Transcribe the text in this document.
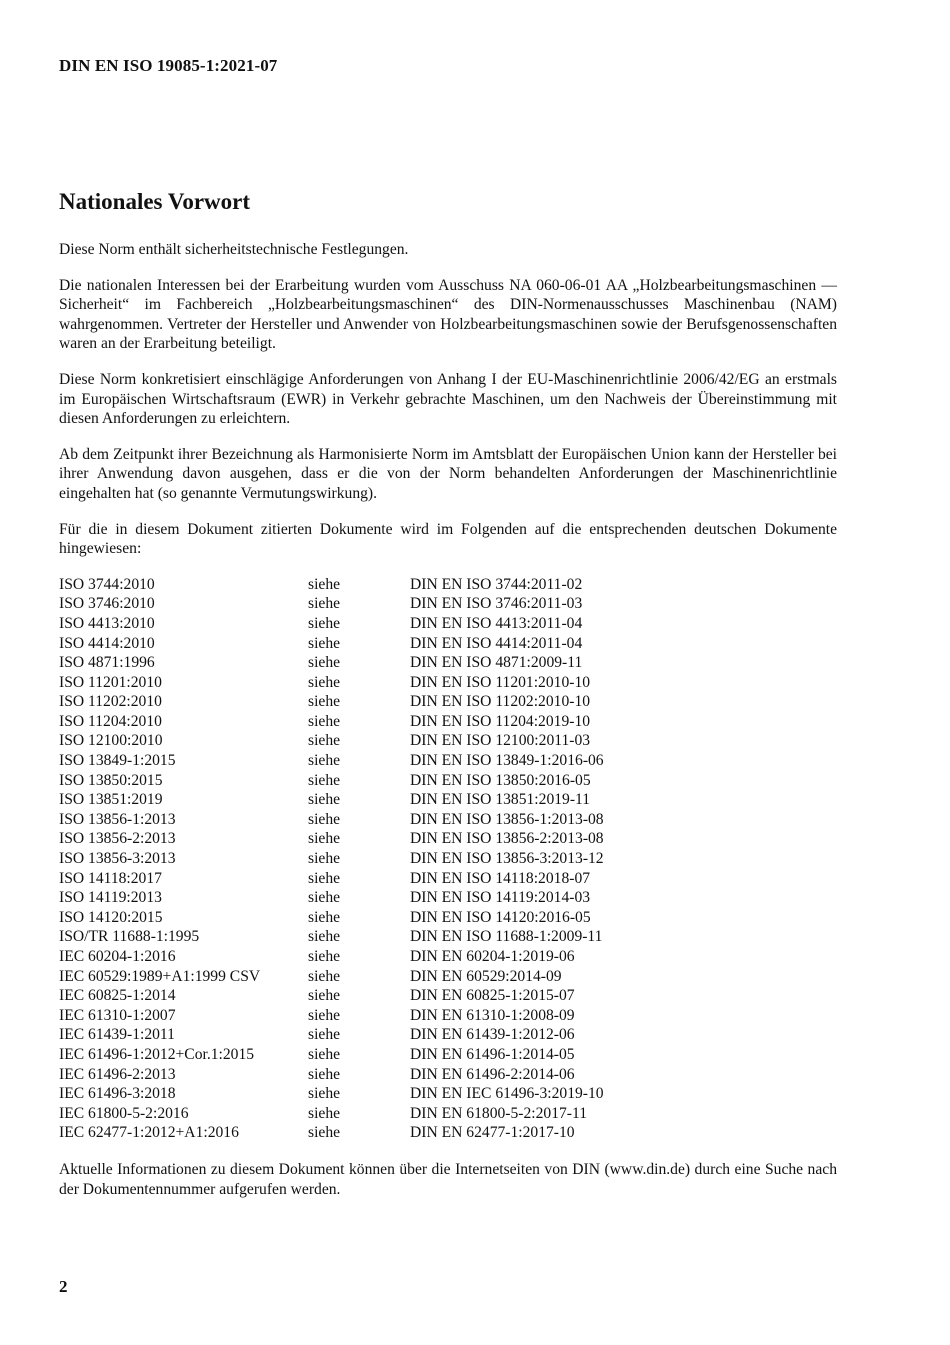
DIN EN ISO 19085-1:2021-07
Nationales Vorwort

Diese Norm enthält sicherheitstechnische Festlegungen.

Die nationalen Interessen bei der Erarbeitung wurden vom Ausschuss NA 060-06-01 AA „Holzbearbeitungsmaschinen — Sicherheit“ im Fachbereich „Holzbearbeitungsmaschinen“ des DIN-Normenausschusses Maschinenbau (NAM) wahrgenommen. Vertreter der Hersteller und Anwender von Holzbearbeitungsmaschinen sowie der Berufsgenossenschaften waren an der Erarbeitung beteiligt.

Diese Norm konkretisiert einschlägige Anforderungen von Anhang I der EU-Maschinenrichtlinie 2006/42/EG an erstmals im Europäischen Wirtschaftsraum (EWR) in Verkehr gebrachte Maschinen, um den Nachweis der Übereinstimmung mit diesen Anforderungen zu erleichtern.

Ab dem Zeitpunkt ihrer Bezeichnung als Harmonisierte Norm im Amtsblatt der Europäischen Union kann der Hersteller bei ihrer Anwendung davon ausgehen, dass er die von der Norm behandelten Anforderungen der Maschinenrichtlinie eingehalten hat (so genannte Vermutungswirkung).

Für die in diesem Dokument zitierten Dokumente wird im Folgenden auf die entsprechenden deutschen Dokumente hingewiesen:

ISO 3744:2010	siehe	DIN EN ISO 3744:2011-02
ISO 3746:2010	siehe	DIN EN ISO 3746:2011-03
ISO 4413:2010	siehe	DIN EN ISO 4413:2011-04
ISO 4414:2010	siehe	DIN EN ISO 4414:2011-04
ISO 4871:1996	siehe	DIN EN ISO 4871:2009-11
ISO 11201:2010	siehe	DIN EN ISO 11201:2010-10
ISO 11202:2010	siehe	DIN EN ISO 11202:2010-10
ISO 11204:2010	siehe	DIN EN ISO 11204:2019-10
ISO 12100:2010	siehe	DIN EN ISO 12100:2011-03
ISO 13849-1:2015	siehe	DIN EN ISO 13849-1:2016-06
ISO 13850:2015	siehe	DIN EN ISO 13850:2016-05
ISO 13851:2019	siehe	DIN EN ISO 13851:2019-11
ISO 13856-1:2013	siehe	DIN EN ISO 13856-1:2013-08
ISO 13856-2:2013	siehe	DIN EN ISO 13856-2:2013-08
ISO 13856-3:2013	siehe	DIN EN ISO 13856-3:2013-12
ISO 14118:2017	siehe	DIN EN ISO 14118:2018-07
ISO 14119:2013	siehe	DIN EN ISO 14119:2014-03
ISO 14120:2015	siehe	DIN EN ISO 14120:2016-05
ISO/TR 11688-1:1995	siehe	DIN EN ISO 11688-1:2009-11
IEC 60204-1:2016	siehe	DIN EN 60204-1:2019-06
IEC 60529:1989+A1:1999 CSV	siehe	DIN EN 60529:2014-09
IEC 60825-1:2014	siehe	DIN EN 60825-1:2015-07
IEC 61310-1:2007	siehe	DIN EN 61310-1:2008-09
IEC 61439-1:2011	siehe	DIN EN 61439-1:2012-06
IEC 61496-1:2012+Cor.1:2015	siehe	DIN EN 61496-1:2014-05
IEC 61496-2:2013	siehe	DIN EN 61496-2:2014-06
IEC 61496-3:2018	siehe	DIN EN IEC 61496-3:2019-10
IEC 61800-5-2:2016	siehe	DIN EN 61800-5-2:2017-11
IEC 62477-1:2012+A1:2016	siehe	DIN EN 62477-1:2017-10

Aktuelle Informationen zu diesem Dokument können über die Internetseiten von DIN (www.din.de) durch eine Suche nach der Dokumentennummer aufgerufen werden.

2
